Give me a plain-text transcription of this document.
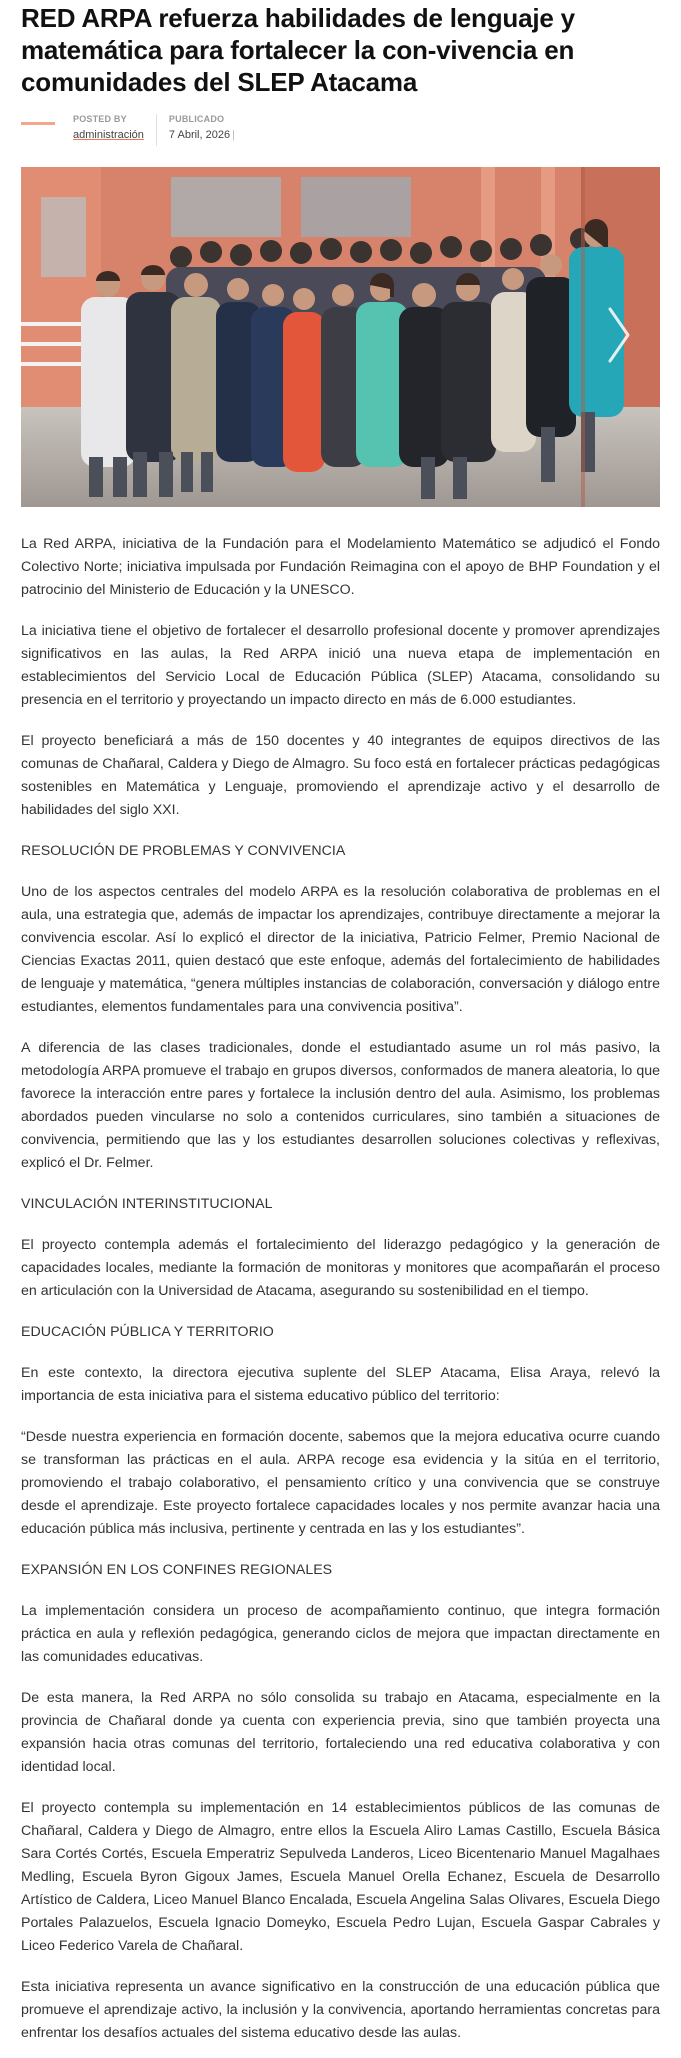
RED ARPA refuerza habilidades de lenguaje y matemática para fortalecer la con-vivencia en comunidades del SLEP Atacama
POSTED BY
administración
PUBLICADO
7 Abril, 2026 |

La Red ARPA, iniciativa de la Fundación para el Modelamiento Matemático se adjudicó el Fondo Colectivo Norte; iniciativa impulsada por Fundación Reimagina con el apoyo de BHP Foundation y el patrocinio del Ministerio de Educación y la UNESCO.

La iniciativa tiene el objetivo de fortalecer el desarrollo profesional docente y promover aprendizajes significativos en las aulas, la Red ARPA inició una nueva etapa de implementación en establecimientos del Servicio Local de Educación Pública (SLEP) Atacama, consolidando su presencia en el territorio y proyectando un impacto directo en más de 6.000 estudiantes.

El proyecto beneficiará a más de 150 docentes y 40 integrantes de equipos directivos de las comunas de Chañaral, Caldera y Diego de Almagro. Su foco está en fortalecer prácticas pedagógicas sostenibles en Matemática y Lenguaje, promoviendo el aprendizaje activo y el desarrollo de habilidades del siglo XXI.

RESOLUCIÓN DE PROBLEMAS Y CONVIVENCIA

Uno de los aspectos centrales del modelo ARPA es la resolución colaborativa de problemas en el aula, una estrategia que, además de impactar los aprendizajes, contribuye directamente a mejorar la convivencia escolar. Así lo explicó el director de la iniciativa, Patricio Felmer, Premio Nacional de Ciencias Exactas 2011, quien destacó que este enfoque, además del fortalecimiento de habilidades de lenguaje y matemática, “genera múltiples instancias de colaboración, conversación y diálogo entre estudiantes, elementos fundamentales para una convivencia positiva”.

A diferencia de las clases tradicionales, donde el estudiantado asume un rol más pasivo, la metodología ARPA promueve el trabajo en grupos diversos, conformados de manera aleatoria, lo que favorece la interacción entre pares y fortalece la inclusión dentro del aula. Asimismo, los problemas abordados pueden vincularse no solo a contenidos curriculares, sino también a situaciones de convivencia, permitiendo que las y los estudiantes desarrollen soluciones colectivas y reflexivas, explicó el Dr. Felmer.

VINCULACIÓN INTERINSTITUCIONAL

El proyecto contempla además el fortalecimiento del liderazgo pedagógico y la generación de capacidades locales, mediante la formación de monitoras y monitores que acompañarán el proceso en articulación con la Universidad de Atacama, asegurando su sostenibilidad en el tiempo.

EDUCACIÓN PÚBLICA Y TERRITORIO

En este contexto, la directora ejecutiva suplente del SLEP Atacama, Elisa Araya, relevó la importancia de esta iniciativa para el sistema educativo público del territorio:

“Desde nuestra experiencia en formación docente, sabemos que la mejora educativa ocurre cuando se transforman las prácticas en el aula. ARPA recoge esa evidencia y la sitúa en el territorio, promoviendo el trabajo colaborativo, el pensamiento crítico y una convivencia que se construye desde el aprendizaje. Este proyecto fortalece capacidades locales y nos permite avanzar hacia una educación pública más inclusiva, pertinente y centrada en las y los estudiantes”.

EXPANSIÓN EN LOS CONFINES REGIONALES

La implementación considera un proceso de acompañamiento continuo, que integra formación práctica en aula y reflexión pedagógica, generando ciclos de mejora que impactan directamente en las comunidades educativas.

De esta manera, la Red ARPA no sólo consolida su trabajo en Atacama, especialmente en la provincia de Chañaral donde ya cuenta con experiencia previa, sino que también proyecta una expansión hacia otras comunas del territorio, fortaleciendo una red educativa colaborativa y con identidad local.

El proyecto contempla su implementación en 14 establecimientos públicos de las comunas de Chañaral, Caldera y Diego de Almagro, entre ellos la Escuela Aliro Lamas Castillo, Escuela Básica Sara Cortés Cortés, Escuela Emperatriz Sepulveda Landeros, Liceo Bicentenario Manuel Magalhaes Medling, Escuela Byron Gigoux James, Escuela Manuel Orella Echanez, Escuela de Desarrollo Artístico de Caldera, Liceo Manuel Blanco Encalada, Escuela Angelina Salas Olivares, Escuela Diego Portales Palazuelos, Escuela Ignacio Domeyko, Escuela Pedro Lujan, Escuela Gaspar Cabrales y Liceo Federico Varela de Chañaral.

Esta iniciativa representa un avance significativo en la construcción de una educación pública que promueve el aprendizaje activo, la inclusión y la convivencia, aportando herramientas concretas para enfrentar los desafíos actuales del sistema educativo desde las aulas.
